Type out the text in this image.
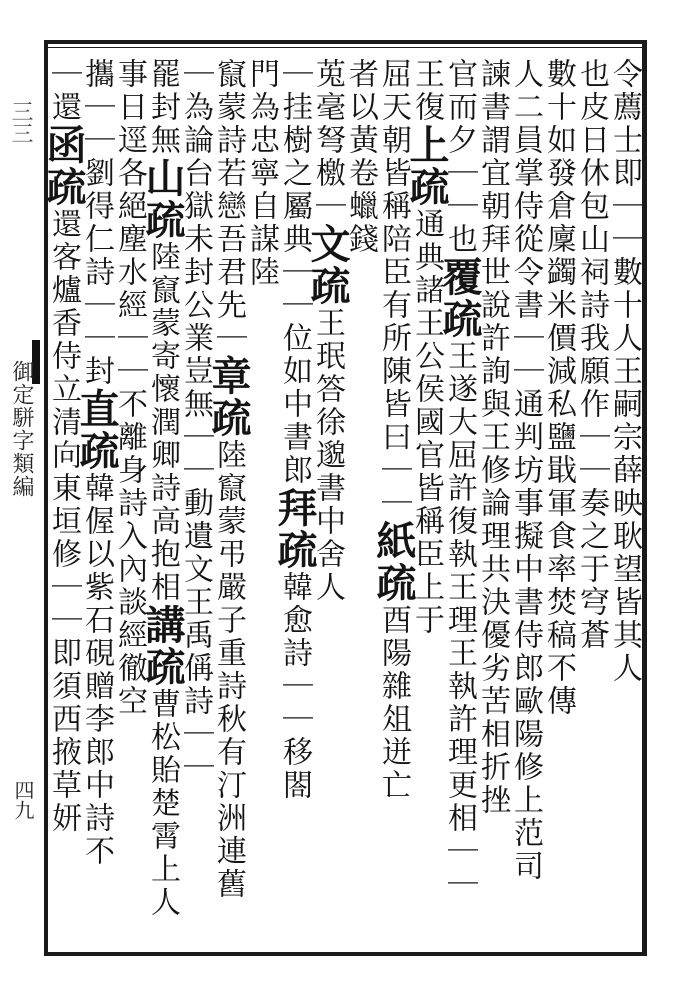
三三
御定駢字類編
四九
令薦士即｜｜數十人王嗣宗薛映耿望皆其人
也皮日休包山祠詩我願作｜｜奏之于穹蒼
數十如發倉廩蠲米價減私鹽戢軍食率焚稿不傳
人二員掌侍從令書｜｜通判坊事擬中書侍郎歐陽修上范司
諫書謂宜朝拜世說許詢與王修論理共決優劣苦相折挫
官而夕｜｜也覆疏王遂大屈許復執王理王執許理更相｜｜
王復上疏通典諸王公侯國官皆稱臣上于
屈天朝皆稱陪臣有所陳皆曰｜｜紙疏酉陽雜俎迸亡
者以黃卷蠟錢
莵毫弩檄｜文疏王珉答徐邈書中舍人
｜挂樹之屬典｜｜位如中書郎拜疏韓愈詩｜｜移閤
門為忠寧自謀陸
竄蒙詩若戀吾君先｜章疏陸竄蒙弔嚴子重詩秋有汀洲連舊
｜為論台獄未封公業豈無｜｜動遺文王禹偁詩｜｜
罷封無山疏陸竄蒙寄懷潤卿詩高抱相講疏曹松貽楚霄上人
事日逕各絕塵水經｜｜不離身詩入內談經徹空
攜｜｜劉得仁詩｜｜封直疏韓偓以紫石硯贈李郎中詩不
｜還函疏還客爐香侍立清向東垣修｜｜即須西掖草妍
